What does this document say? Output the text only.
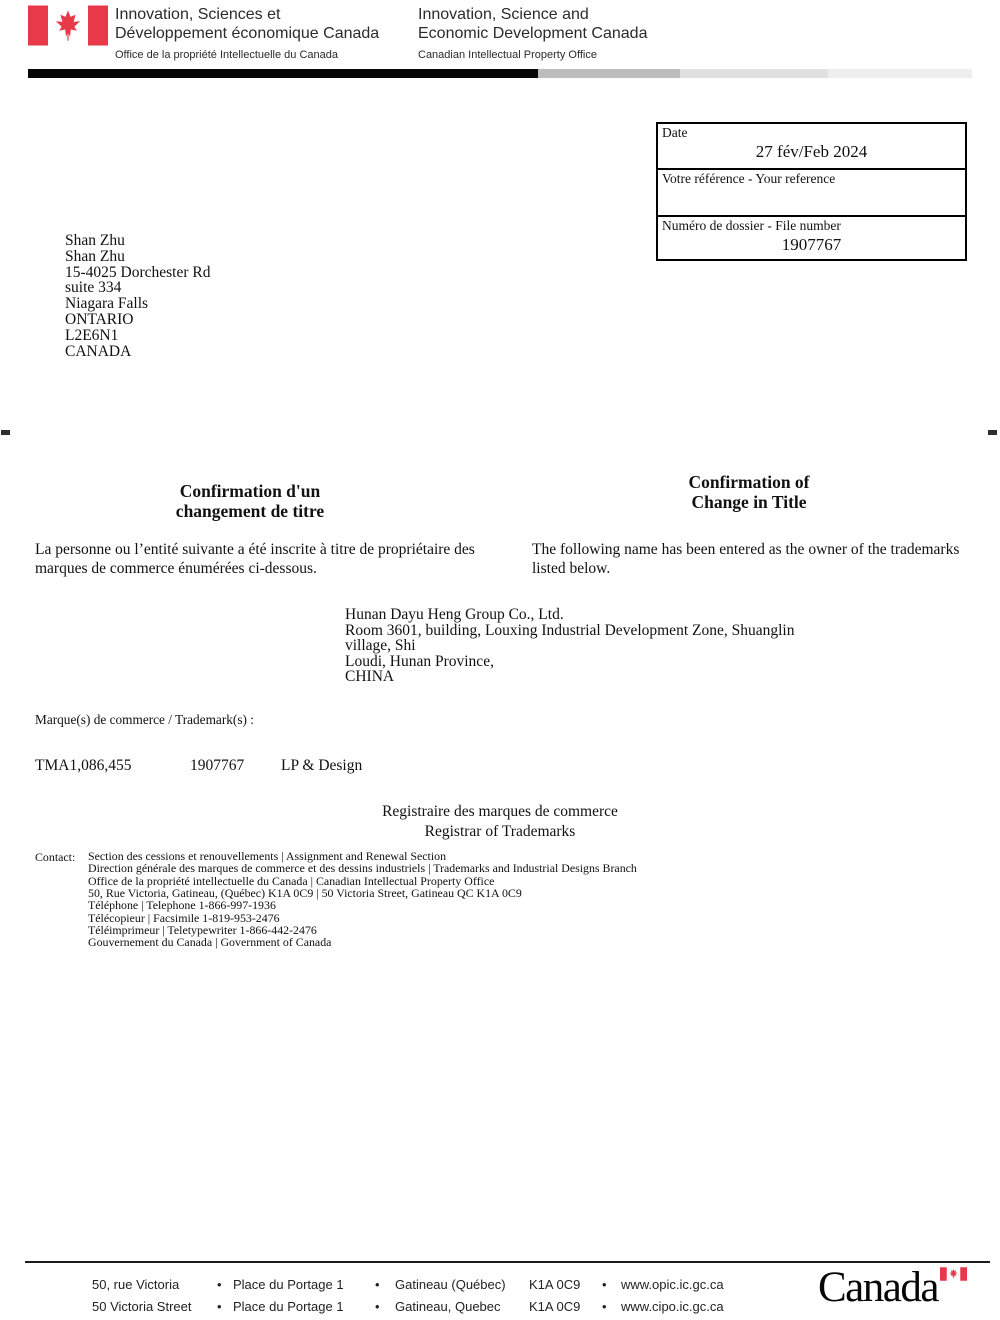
Innovation, Sciences et
Développement économique Canada
Office de la propriété Intellectuelle du Canada
Innovation, Science and
Economic Development Canada
Canadian Intellectual Property Office
Date
27 fév/Feb 2024
Votre référence - Your reference
Numéro de dossier - File number
1907767
Shan Zhu
Shan Zhu
15-4025 Dorchester Rd
suite 334
Niagara Falls
ONTARIO
L2E6N1
CANADA
Confirmation d'un
changement de titre
Confirmation of
Change in Title
La personne ou l’entité suivante a été inscrite à titre de propriétaire des marques de commerce énumérées ci-dessous.
The following name has been entered as the owner of the trademarks listed below.
Hunan Dayu Heng Group Co., Ltd.
Room 3601, building, Louxing Industrial Development Zone, Shuanglin
village, Shi
Loudi, Hunan Province,
CHINA
Marque(s) de commerce / Trademark(s) :
TMA1,086,455	1907767	LP & Design
Registraire des marques de commerce
Registrar of Trademarks
Contact: Section des cessions et renouvellements | Assignment and Renewal Section
Direction générale des marques de commerce et des dessins industriels | Trademarks and Industrial Designs Branch
Office de la propriété intellectuelle du Canada | Canadian Intellectual Property Office
50, Rue Victoria, Gatineau, (Québec) K1A 0C9 | 50 Victoria Street, Gatineau QC K1A 0C9
Téléphone | Telephone 1-866-997-1936
Télécopieur | Facsimile 1-819-953-2476
Téléimprimeur | Teletypewriter 1-866-442-2476
Gouvernement du Canada | Government of Canada
50, rue Victoria	• Place du Portage 1 • Gatineau (Québec) K1A 0C9 • www.opic.ic.gc.ca
50 Victoria Street • Place du Portage 1 • Gatineau, Quebec K1A 0C9 • www.cipo.ic.gc.ca Canada
